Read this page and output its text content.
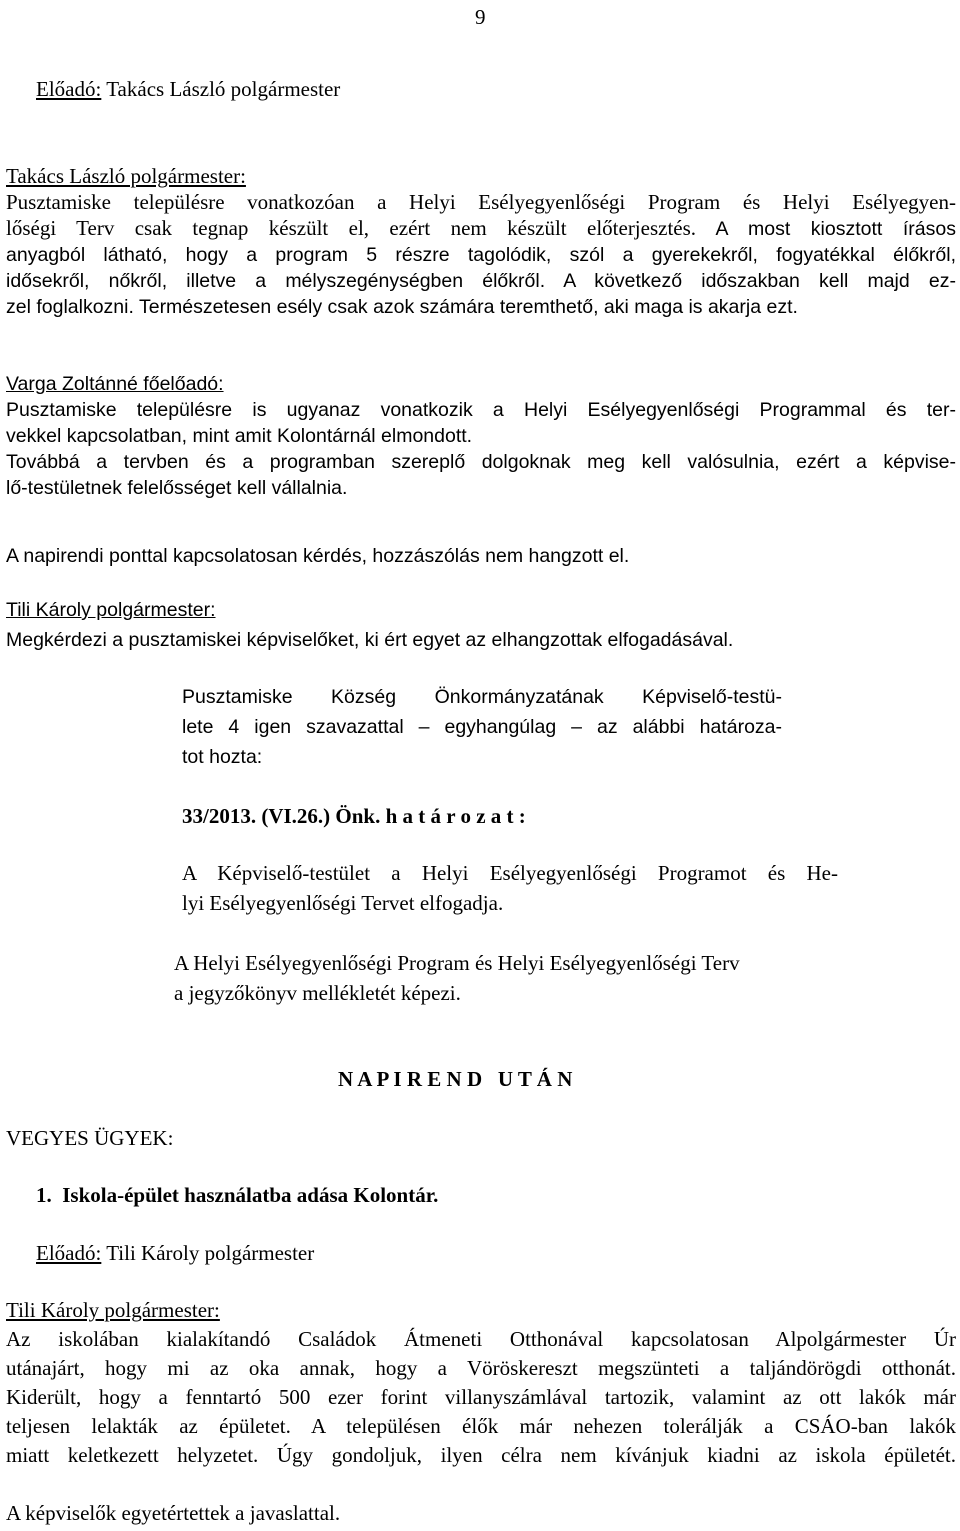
9
Előadó: Takács László polgármester
Takács László polgármester:
Pusztamiske településre vonatkozóan a Helyi Esélyegyenlőségi Program és Helyi Esélyegyen-
lőségi Terv csak tegnap készült el, ezért nem készült előterjesztés. A most kiosztott írásos
anyagból látható, hogy a program 5 részre tagolódik, szól a gyerekekről, fogyatékkal élőkről,
idősekről, nőkről, illetve a mélyszegénységben élőkről. A következő időszakban kell majd ez-
zel foglalkozni. Természetesen esély csak azok számára teremthető, aki maga is akarja ezt.
Varga Zoltánné főelőadó:
Pusztamiske településre is ugyanaz vonatkozik a Helyi Esélyegyenlőségi Programmal és ter-
vekkel kapcsolatban, mint amit Kolontárnál elmondott.
Továbbá a tervben és a programban szereplő dolgoknak meg kell valósulnia, ezért a képvise-
lő-testületnek felelősséget kell vállalnia.
A napirendi ponttal kapcsolatosan kérdés, hozzászólás nem hangzott el.
Tili Károly polgármester:
Megkérdezi a pusztamiskei képviselőket, ki ért egyet az elhangzottak elfogadásával.
Pusztamiske Község Önkormányzatának Képviselő-testü-
lete 4 igen szavazattal – egyhangúlag – az alábbi határoza-
tot hozta:
33/2013. (VI.26.) Önk. h a t á r o z a t :
A Képviselő-testület a Helyi Esélyegyenlőségi Programot és He-
lyi Esélyegyenlőségi Tervet elfogadja.
A Helyi Esélyegyenlőségi Program és Helyi Esélyegyenlőségi Terv
a jegyzőkönyv mellékletét képezi.
N A P I R E N D   U T Á N
VEGYES ÜGYEK:
1.  Iskola-épület használatba adása Kolontár.
Előadó: Tili Károly polgármester
Tili Károly polgármester:
Az iskolában kialakítandó Családok Átmeneti Otthonával kapcsolatosan Alpolgármester Úr
utánajárt, hogy mi az oka annak, hogy a Vöröskereszt megszünteti a taljándörögdi otthonát.
Kiderült, hogy a fenntartó 500 ezer forint villanyszámlával tartozik, valamint az ott lakók már
teljesen lelakták az épületet. A településen élők már nehezen tolerálják a CSÁO-ban lakók
miatt keletkezett helyzetet. Úgy gondoljuk, ilyen célra nem kívánjuk kiadni az iskola épületét.
A képviselők egyetértettek a javaslattal.
